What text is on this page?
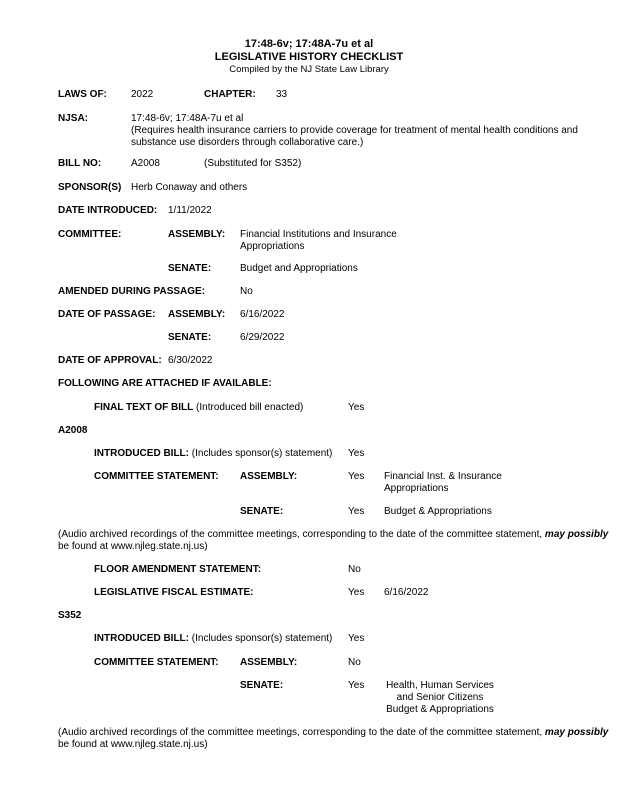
17:48-6v; 17:48A-7u et al
LEGISLATIVE HISTORY CHECKLIST
Compiled by the NJ State Law Library
LAWS OF: 2022	CHAPTER: 33
NJSA:	17:48-6v; 17:48A-7u et al
(Requires health insurance carriers to provide coverage for treatment of mental health conditions and substance use disorders through collaborative care.)
BILL NO:	A2008	(Substituted for S352)
SPONSOR(S) Herb Conaway and others
DATE INTRODUCED: 1/11/2022
COMMITTEE:	ASSEMBLY: Financial Institutions and Insurance Appropriations
SENATE:	Budget and Appropriations
AMENDED DURING PASSAGE:	No
DATE OF PASSAGE: ASSEMBLY: 6/16/2022
SENATE:	6/29/2022
DATE OF APPROVAL: 6/30/2022
FOLLOWING ARE ATTACHED IF AVAILABLE:
FINAL TEXT OF BILL (Introduced bill enacted)	Yes
A2008
INTRODUCED BILL: (Includes sponsor(s) statement) Yes
COMMITTEE STATEMENT: ASSEMBLY:	Yes Financial Inst. & Insurance
Appropriations
SENATE:	Yes Budget & Appropriations
(Audio archived recordings of the committee meetings, corresponding to the date of the committee statement, may possibly
be found at www.njleg.state.nj.us)
FLOOR AMENDMENT STATEMENT:	No
LEGISLATIVE FISCAL ESTIMATE:	Yes 6/16/2022
S352
INTRODUCED BILL: (Includes sponsor(s) statement) Yes
COMMITTEE STATEMENT: ASSEMBLY:	No
SENATE:	Yes	Health, Human Services
and Senior Citizens
Budget & Appropriations
(Audio archived recordings of the committee meetings, corresponding to the date of the committee statement, may possibly
be found at www.njleg.state.nj.us)
